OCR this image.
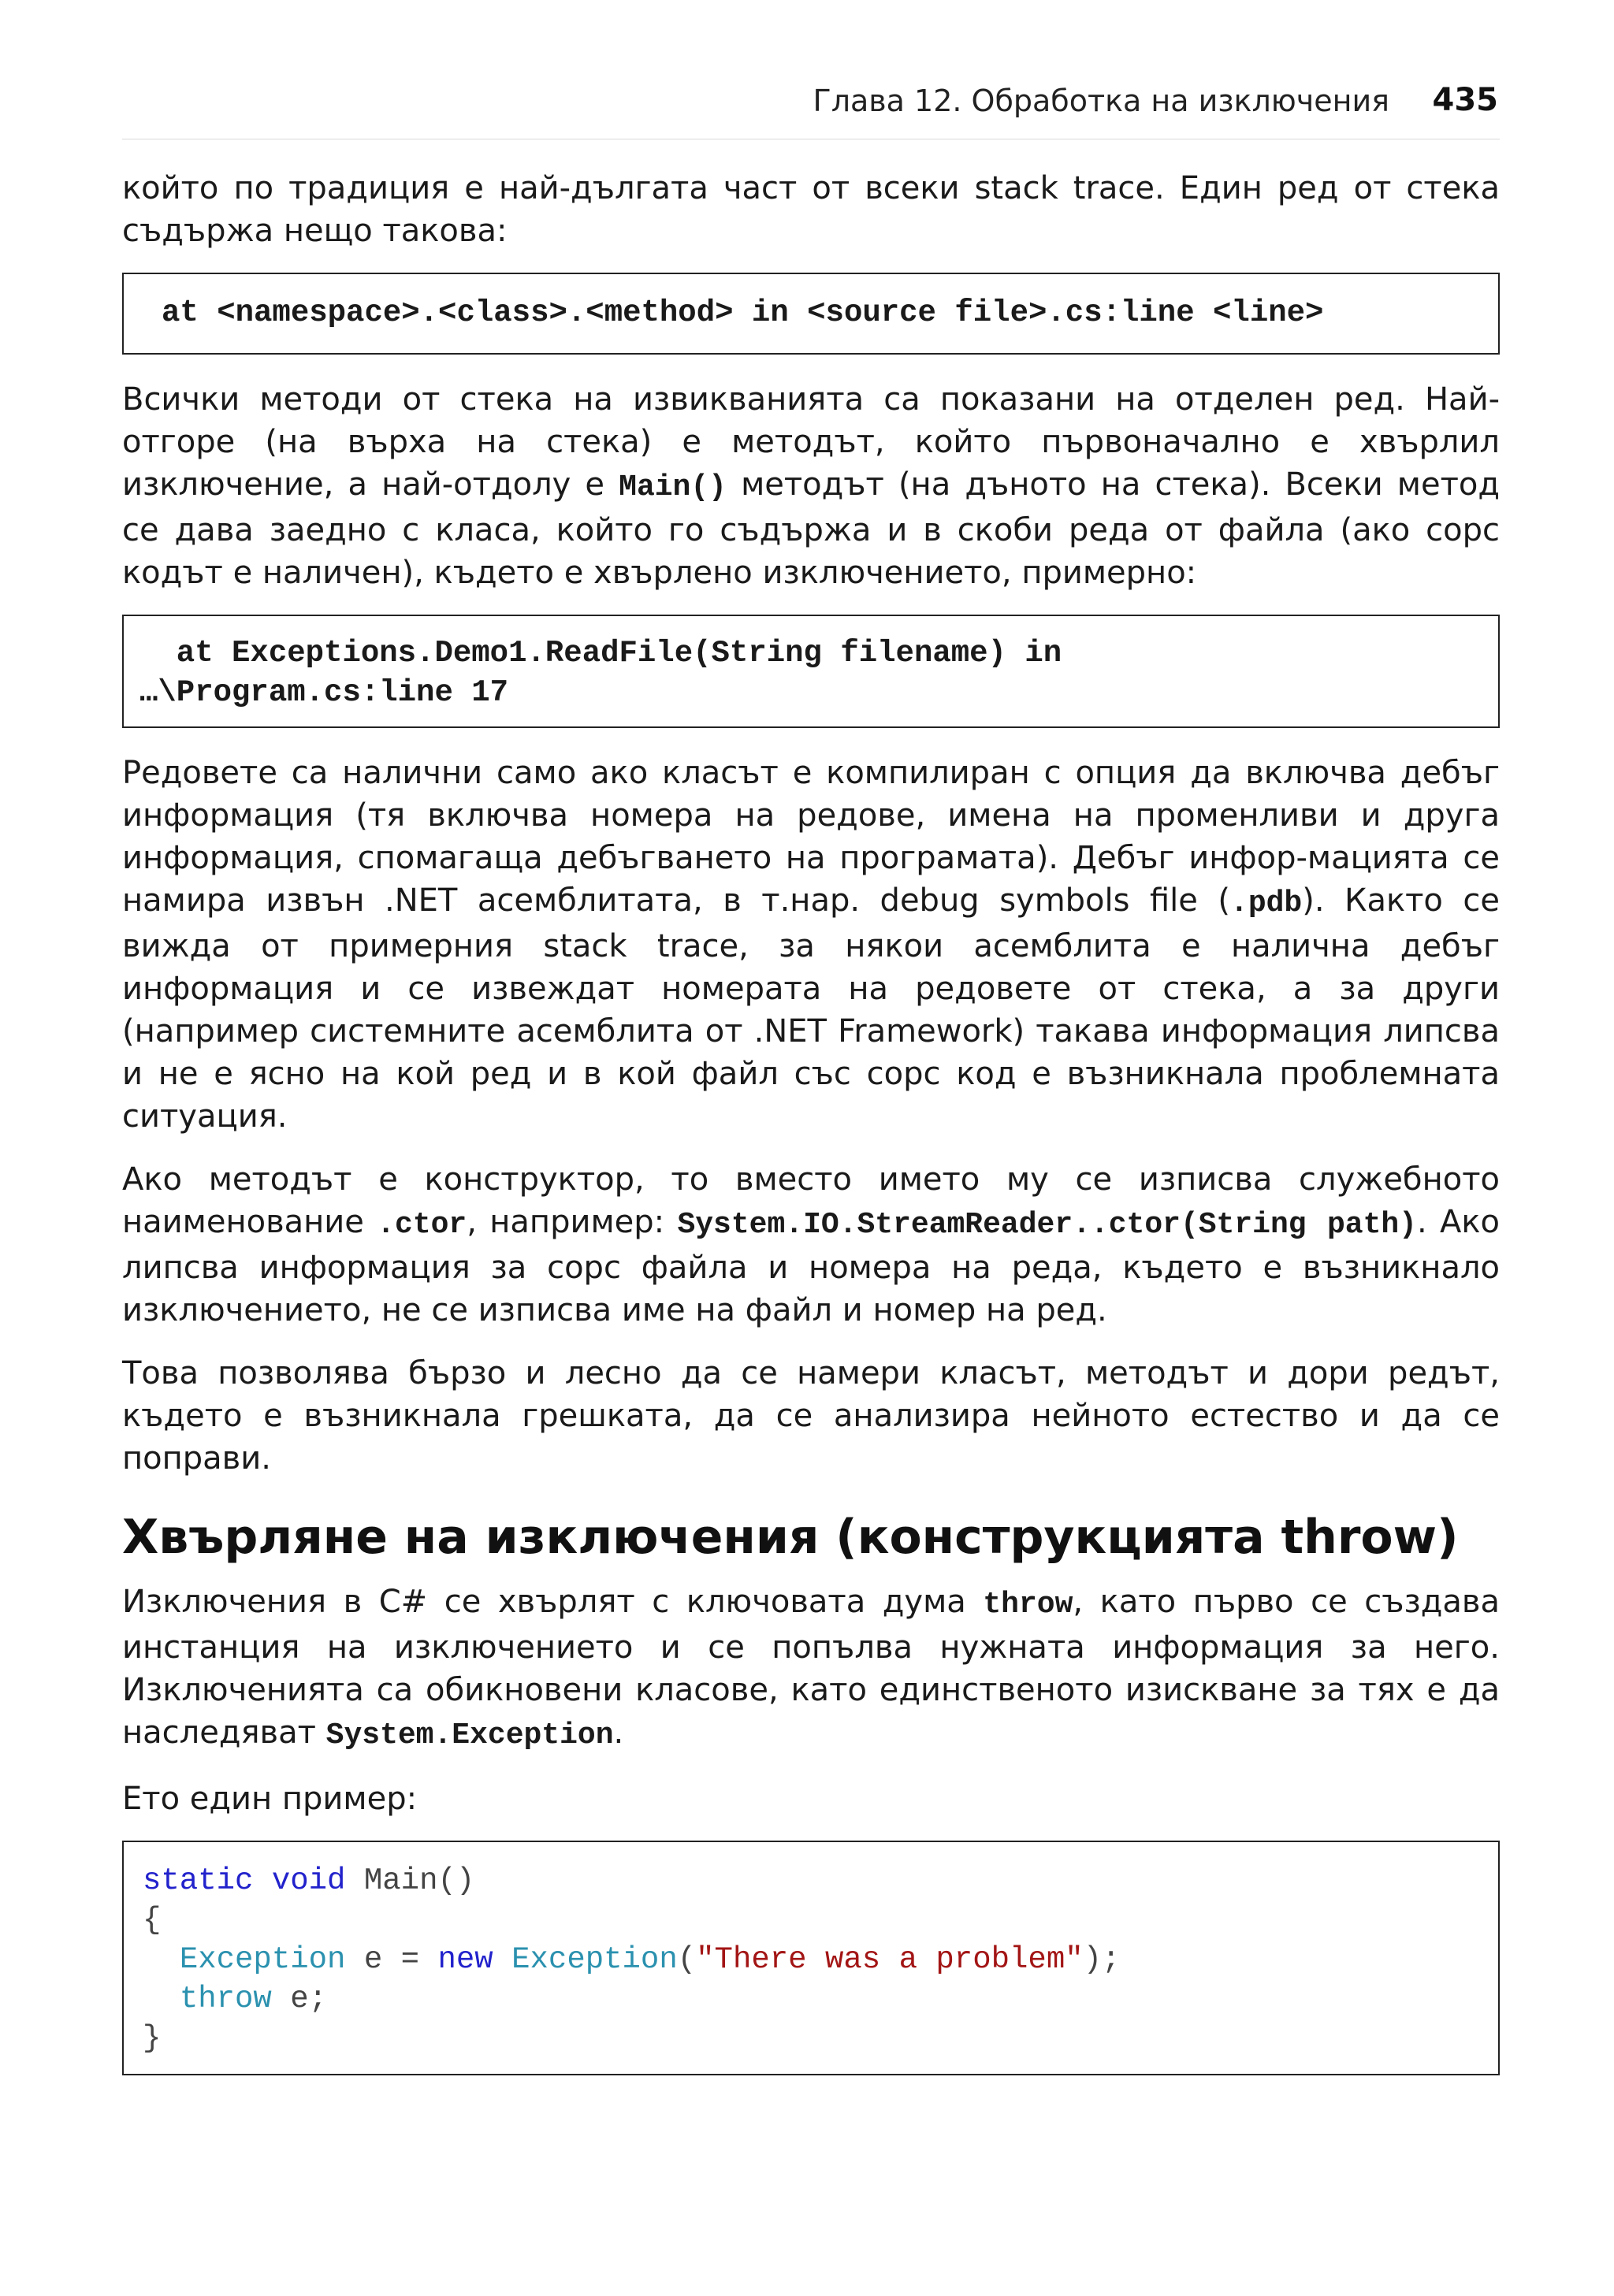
Глава 12. Обработка на изключения 435

който по традиция е най-дългата част от всеки stack trace. Един ред от стека съдържа нещо такова:

at <namespace>.<class>.<method> in <source file>.cs:line <line>

Всички методи от стека на извикванията са показани на отделен ред. Най-отгоре (на върха на стека) е методът, който първоначално е хвърлил изключение, а най-отдолу е Main() методът (на дъното на стека). Всеки метод се дава заедно с класа, който го съдържа и в скоби реда от файла (ако сорс кодът е наличен), където е хвърлено изключението, примерно:

at Exceptions.Demo1.ReadFile(String filename) in
…\Program.cs:line 17

Редовете са налични само ако класът е компилиран с опция да включва дебъг информация (тя включва номера на редове, имена на променливи и друга информация, спомагаща дебъгването на програмата). Дебъг инфор-мацията се намира извън .NET асемблитата, в т.нар. debug symbols file (.pdb). Както се вижда от примерния stack trace, за някои асемблита е налична дебъг информация и се извеждат номерата на редовете от стека, а за други (например системните асемблита от .NET Framework) такава информация липсва и не е ясно на кой ред и в кой файл със сорс код е възникнала проблемната ситуация.

Ако методът е конструктор, то вместо името му се изписва служебното наименование .ctor, например: System.IO.StreamReader..ctor(String path). Ако липсва информация за сорс файла и номера на реда, където е възникнало изключението, не се изписва име на файл и номер на ред.

Това позволява бързо и лесно да се намери класът, методът и дори редът, където е възникнала грешката, да се анализира нейното естество и да се поправи.

Хвърляне на изключения (конструкцията throw)

Изключения в C# се хвърлят с ключовата дума throw, като първо се създава инстанция на изключението и се попълва нужната информация за него. Изключенията са обикновени класове, като единственото изискване за тях е да наследяват System.Exception.

Ето един пример:

static void Main()
{
Exception e = new Exception("There was a problem");
throw e;
}
